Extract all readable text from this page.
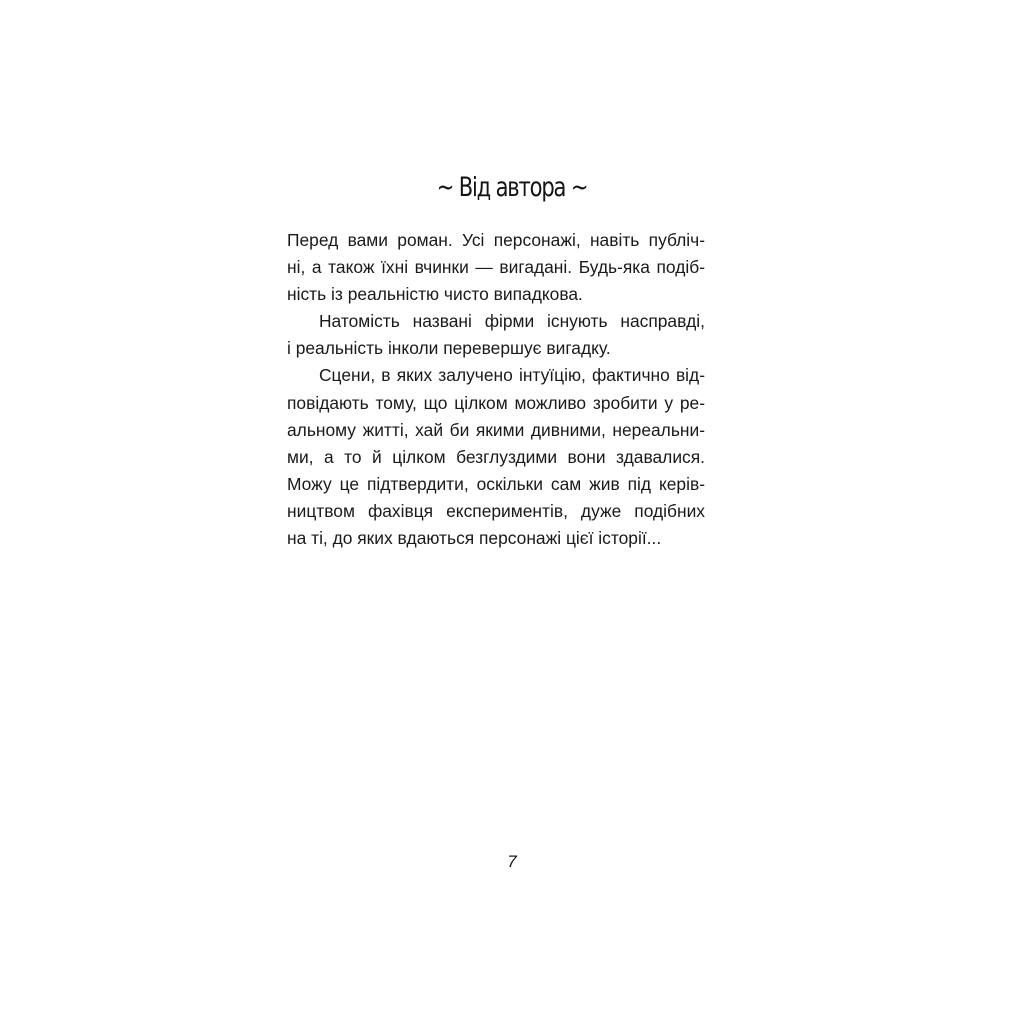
~ Від автора ~
Перед вами роман. Усі персонажі, навіть публіч-
ні, а також їхні вчинки — вигадані. Будь-яка подіб-
ність із реальністю чисто випадкова.
Натомість названі фірми існують насправді,
і реальність інколи перевершує вигадку.
Сцени, в яких залучено інтуїцію, фактично від-
повідають тому, що цілком можливо зробити у ре-
альному житті, хай би якими дивними, нереальни-
ми, а то й цілком безглуздими вони здавалися.
Можу це підтвердити, оскільки сам жив під керів-
ництвом фахівця експериментів, дуже подібних
на ті, до яких вдаються персонажі цієї історії...
7
